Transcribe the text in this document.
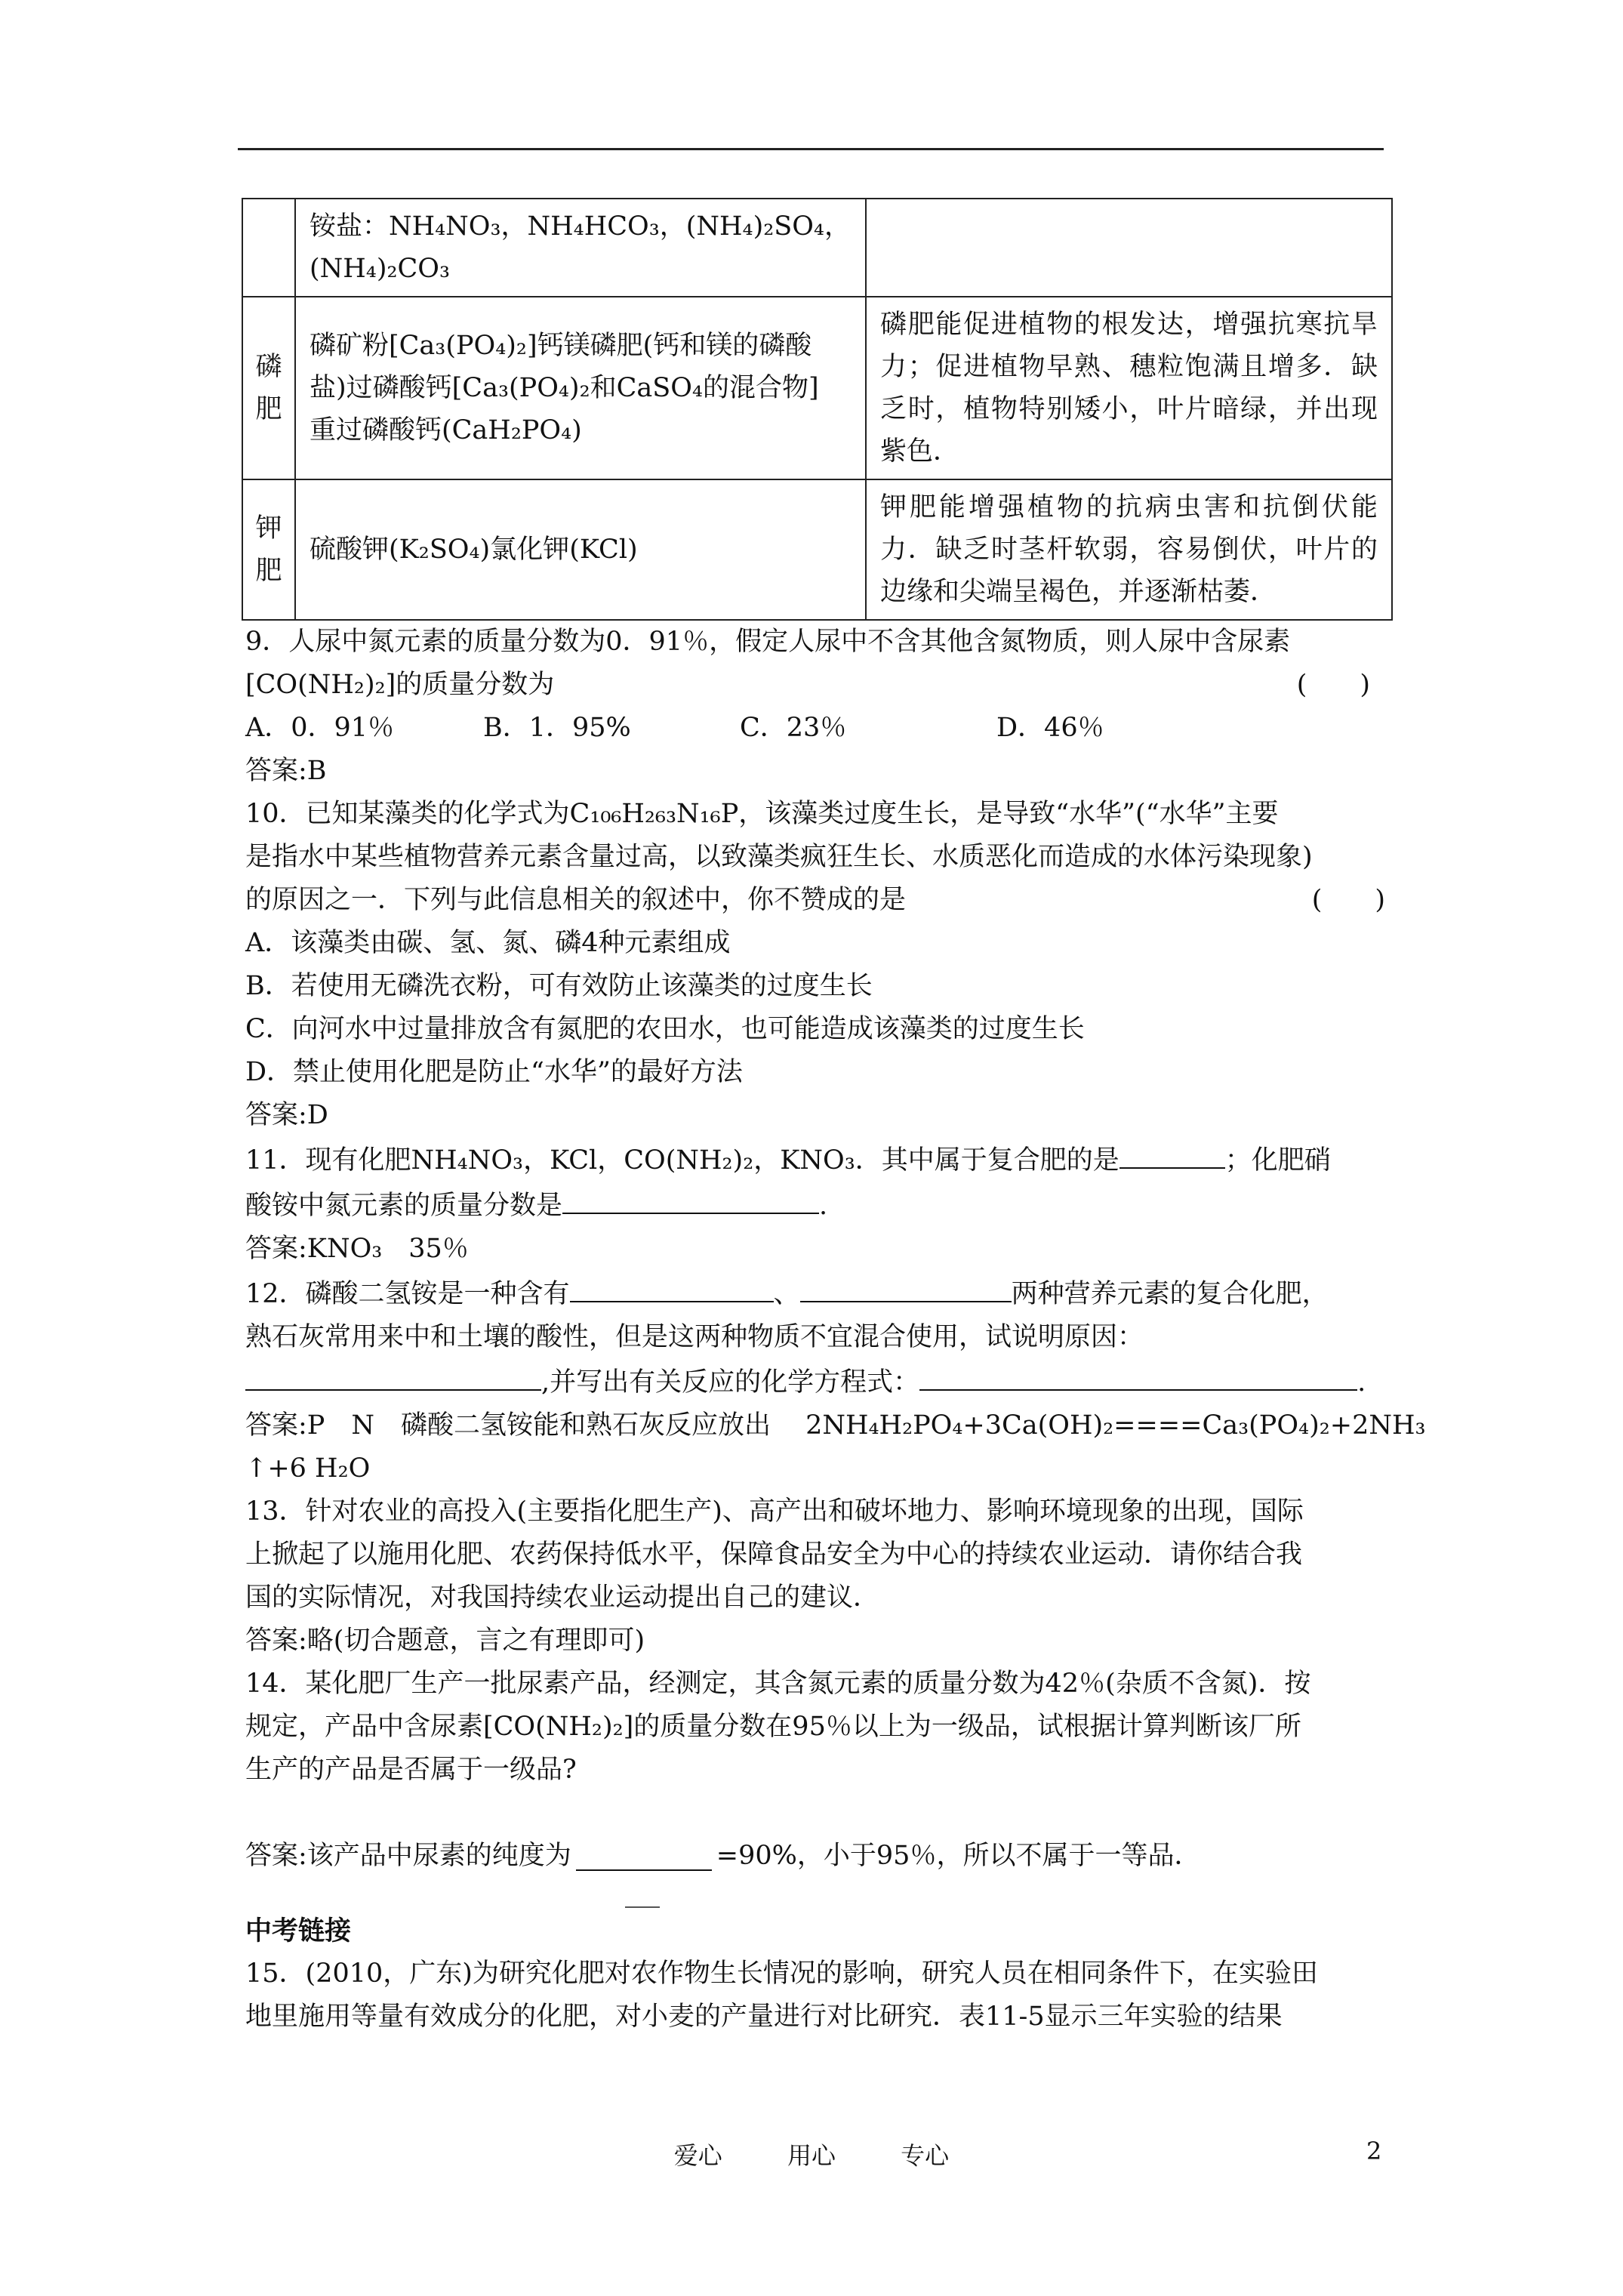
	铵盐：NH₄NO₃，NH₄HCO₃，(NH₄)₂SO₄，
(NH₄)₂CO₃	

磷肥	磷矿粉[Ca₃(PO₄)₂]钙镁磷肥(钙和镁的磷酸
盐)过磷酸钙[Ca₃(PO₄)₂和CaSO₄的混合物]
重过磷酸钙(CaH₂PO₄)	磷肥能促进植物的根发达，增强抗寒抗旱力；促进植物早熟、穗粒饱满且增多．缺乏时，植物特别矮小，叶片暗绿，并出现紫色．
钾肥	硫酸钾(K₂SO₄)氯化钾(KCl)	钾肥能增强植物的抗病虫害和抗倒伏能力．缺乏时茎杆软弱，容易倒伏，叶片的边缘和尖端呈褐色，并逐渐枯萎．
9．人尿中氮元素的质量分数为0．91％，假定人尿中不含其他含氮物质，则人尿中含尿素
[CO(NH₂)₂]的质量分数为	(　　)
A．0．91％	B．1．95%	C．23％	D．46％
答案:B
10．已知某藻类的化学式为C₁₀₆H₂₆₃N₁₆P，该藻类过度生长，是导致“水华”(“水华”主要
是指水中某些植物营养元素含量过高，以致藻类疯狂生长、水质恶化而造成的水体污染现象)
的原因之一．下列与此信息相关的叙述中，你不赞成的是	(　　)
A．该藻类由碳、氢、氮、磷4种元素组成
B．若使用无磷洗衣粉，可有效防止该藻类的过度生长
C．向河水中过量排放含有氮肥的农田水，也可能造成该藻类的过度生长
D．禁止使用化肥是防止“水华”的最好方法
答案:D
11．现有化肥NH₄NO₃，KCl，CO(NH₂)₂，KNO₃．其中属于复合肥的是	；化肥硝
酸铵中氮元素的质量分数是	.
答案:KNO₃　35％
12．磷酸二氢铵是一种含有	、	两种营养元素的复合化肥，
熟石灰常用来中和土壤的酸性，但是这两种物质不宜混合使用，试说明原因：
,并写出有关反应的化学方程式：	.
答案:P　N　磷酸二氢铵能和熟石灰反应放出　 2NH₄H₂PO₄+3Ca(OH)₂====Ca₃(PO₄)₂+2NH₃
↑+6 H₂O
13．针对农业的高投入(主要指化肥生产)、高产出和破坏地力、影响环境现象的出现，国际
上掀起了以施用化肥、农药保持低水平，保障食品安全为中心的持续农业运动．请你结合我
国的实际情况，对我国持续农业运动提出自己的建议．
答案:略(切合题意，言之有理即可)
14．某化肥厂生产一批尿素产品，经测定，其含氮元素的质量分数为42％(杂质不含氮)．按
规定，产品中含尿素[CO(NH₂)₂]的质量分数在95％以上为一级品，试根据计算判断该厂所
生产的产品是否属于一级品?
答案:该产品中尿素的纯度为	=90%，小于95％，所以不属于一等品．
中考链接
15．(2010，广东)为研究化肥对农作物生长情况的影响，研究人员在相同条件下，在实验田
地里施用等量有效成分的化肥，对小麦的产量进行对比研究．表11-5显示三年实验的结果
爱心	用心	专心	2
